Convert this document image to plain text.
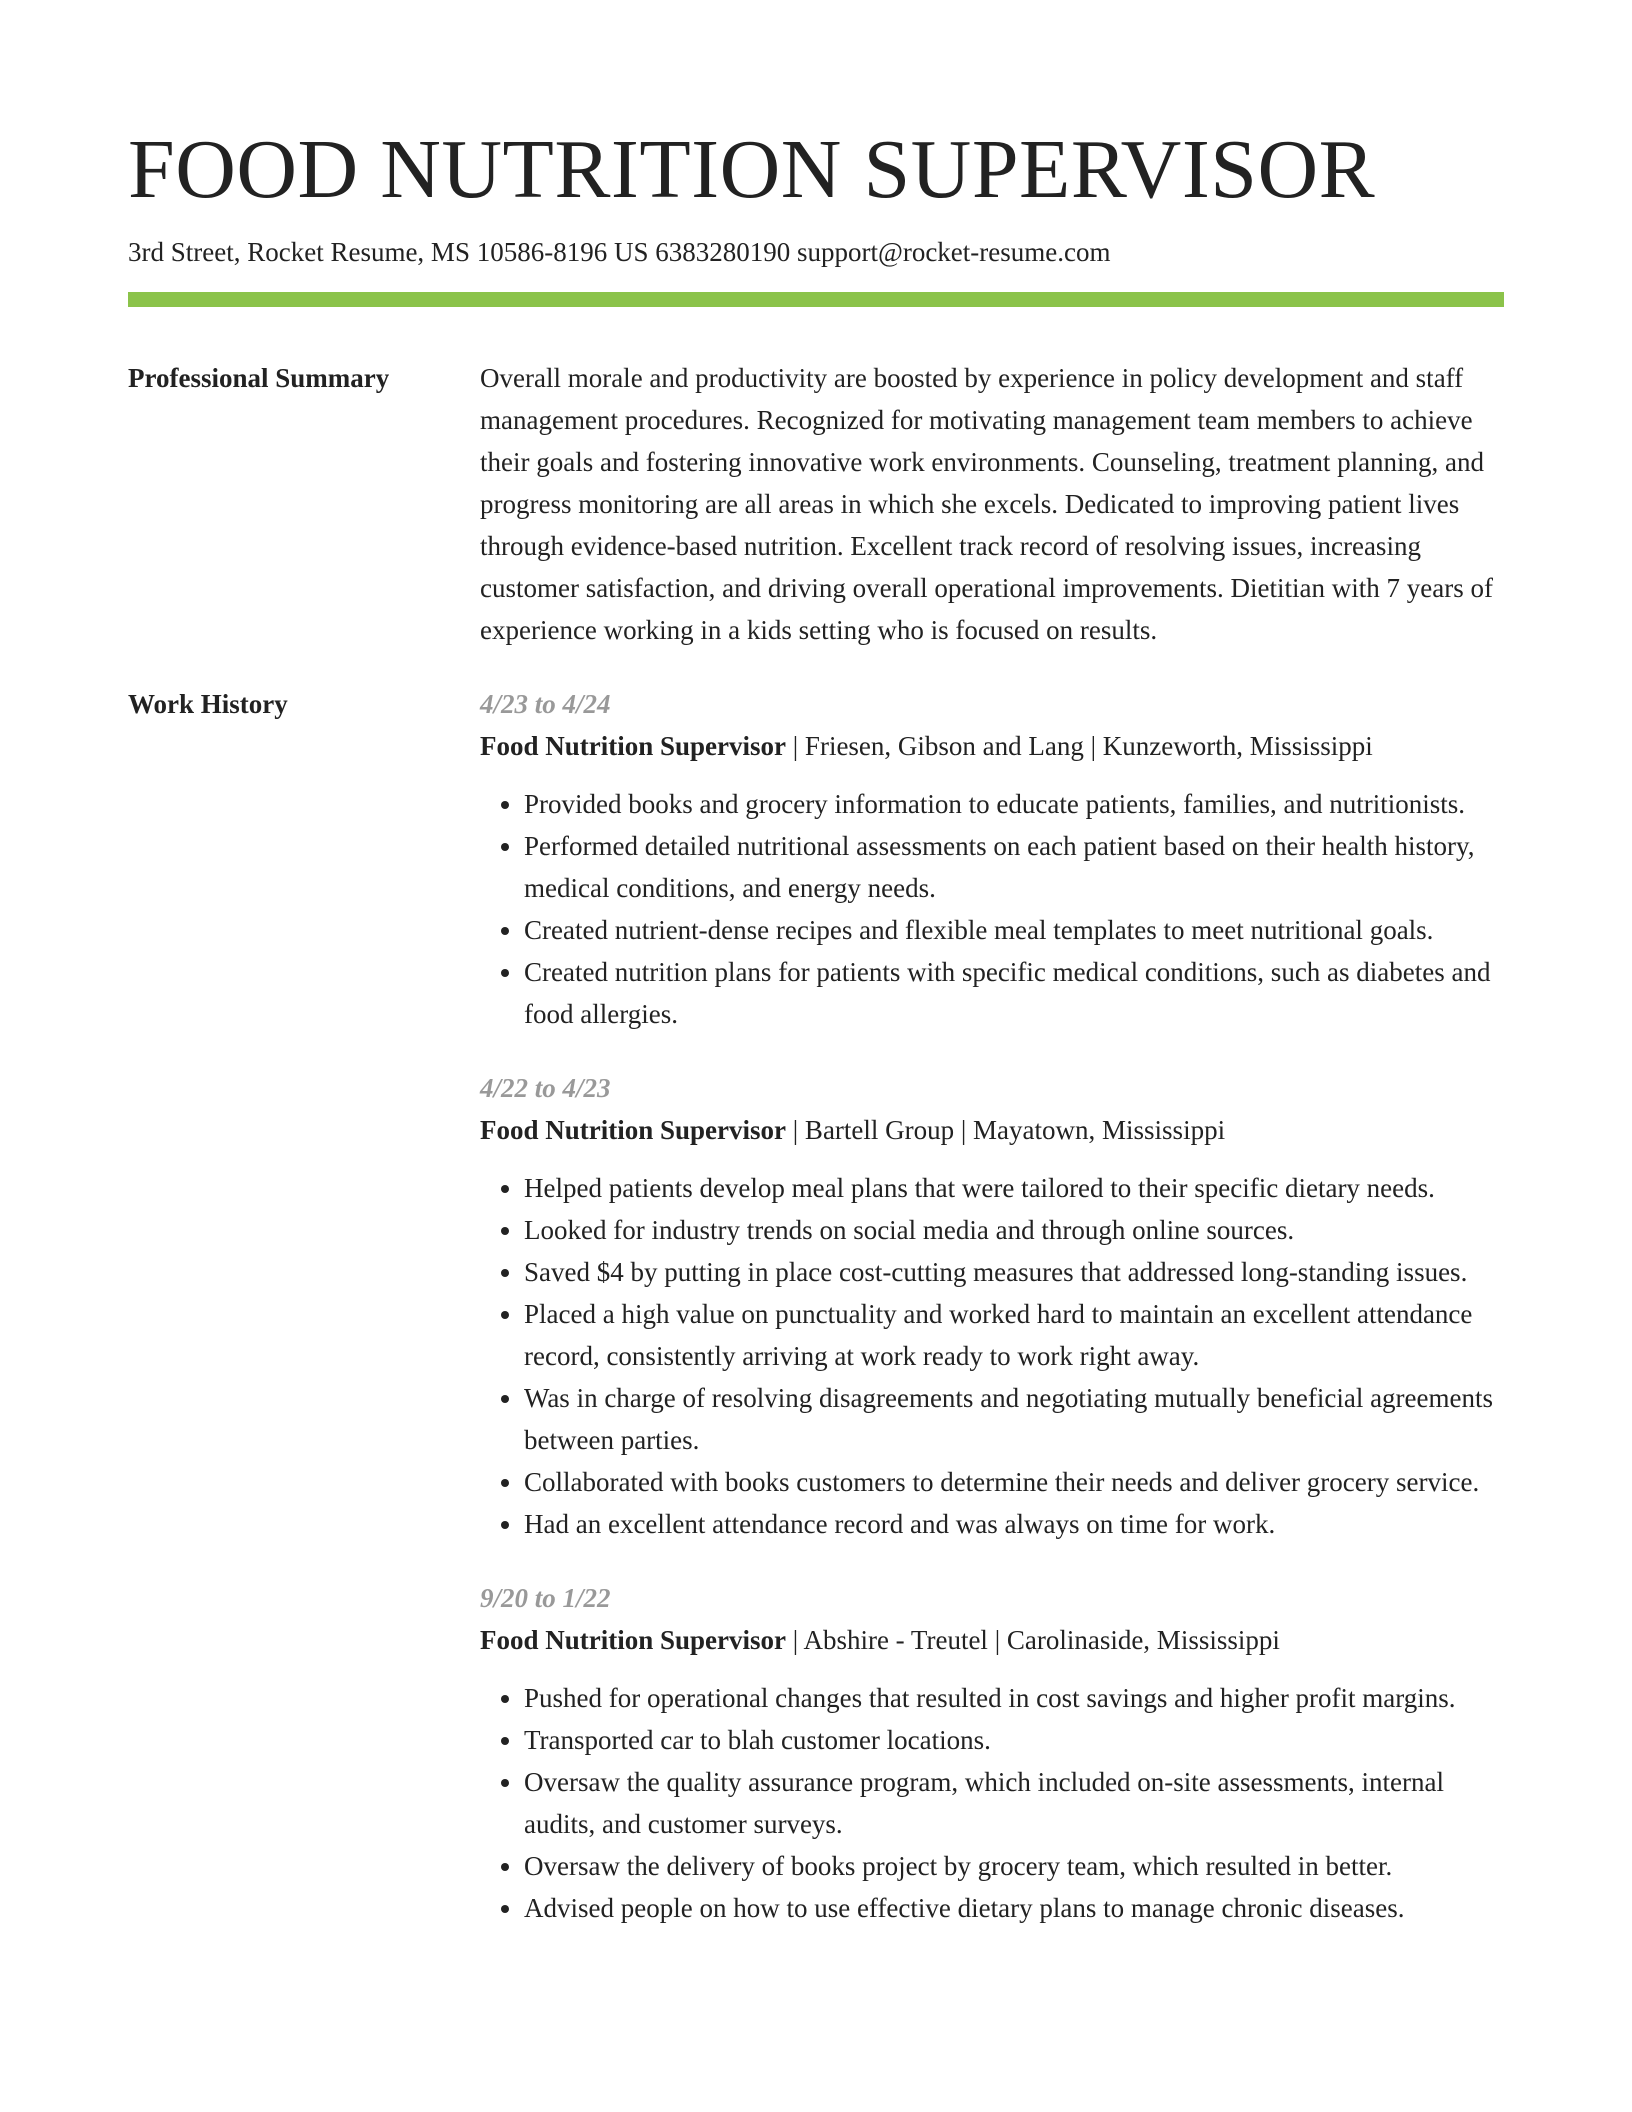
FOOD NUTRITION SUPERVISOR
3rd Street, Rocket Resume, MS 10586-8196 US 6383280190 support@rocket-resume.com
Professional Summary	Overall morale and productivity are boosted by experience in policy development and staff management procedures. Recognized for motivating management team members to achieve their goals and fostering innovative work environments. Counseling, treatment planning, and progress monitoring are all areas in which she excels. Dedicated to improving patient lives through evidence-based nutrition. Excellent track record of resolving issues, increasing customer satisfaction, and driving overall operational improvements. Dietitian with 7 years of experience working in a kids setting who is focused on results.

Work History	4/23 to 4/24
Food Nutrition Supervisor | Friesen, Gibson and Lang | Kunzeworth, Mississippi
• Provided books and grocery information to educate patients, families, and nutritionists.
• Performed detailed nutritional assessments on each patient based on their health history, medical conditions, and energy needs.
• Created nutrient-dense recipes and flexible meal templates to meet nutritional goals.
• Created nutrition plans for patients with specific medical conditions, such as diabetes and food allergies.
4/22 to 4/23
Food Nutrition Supervisor | Bartell Group | Mayatown, Mississippi
• Helped patients develop meal plans that were tailored to their specific dietary needs.
• Looked for industry trends on social media and through online sources.
• Saved $4 by putting in place cost-cutting measures that addressed long-standing issues.
• Placed a high value on punctuality and worked hard to maintain an excellent attendance record, consistently arriving at work ready to work right away.
• Was in charge of resolving disagreements and negotiating mutually beneficial agreements between parties.
• Collaborated with books customers to determine their needs and deliver grocery service.
• Had an excellent attendance record and was always on time for work.
9/20 to 1/22
Food Nutrition Supervisor | Abshire - Treutel | Carolinaside, Mississippi
• Pushed for operational changes that resulted in cost savings and higher profit margins.
• Transported car to blah customer locations.
• Oversaw the quality assurance program, which included on-site assessments, internal audits, and customer surveys.
• Oversaw the delivery of books project by grocery team, which resulted in better.
• Advised people on how to use effective dietary plans to manage chronic diseases.
